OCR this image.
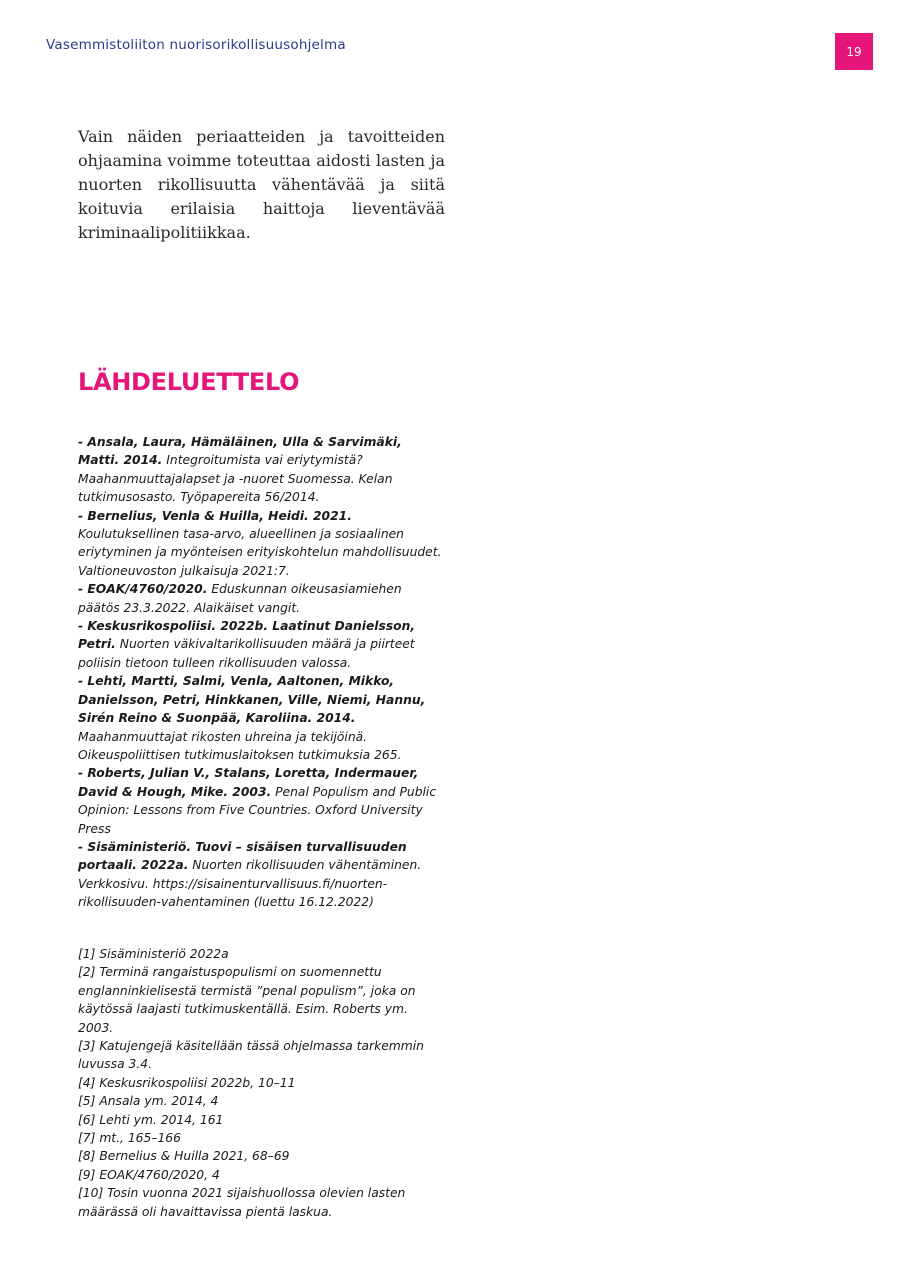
Vasemmistoliiton nuorisorikollisuusohjelma	19

Vain näiden periaatteiden ja tavoitteiden ohjaamina voimme toteuttaa aidosti lasten ja nuorten rikollisuutta vähentävää ja siitä koituvia erilaisia haittoja lieventävää kriminaalipolitiikkaa.

LÄHDELUETTELO

- Ansala, Laura, Hämäläinen, Ulla & Sarvimäki, Matti. 2014. Integroitumista vai eriytymistä? Maahanmuuttajalapset ja -nuoret Suomessa. Kelan tutkimusosasto. Työpapereita 56/2014.

- Bernelius, Venla & Huilla, Heidi. 2021. Koulutuksellinen tasa-arvo, alueellinen ja sosiaalinen eriytyminen ja myönteisen erityiskohtelun mahdollisuudet. Valtioneuvoston julkaisuja 2021:7.

- EOAK/4760/2020. Eduskunnan oikeusasiamiehen päätös 23.3.2022. Alaikäiset vangit.

- Keskusrikospoliisi. 2022b. Laatinut Danielsson, Petri. Nuorten väkivaltarikollisuuden määrä ja piirteet poliisin tietoon tulleen rikollisuuden valossa.

- Lehti, Martti, Salmi, Venla, Aaltonen, Mikko, Danielsson, Petri, Hinkkanen, Ville, Niemi, Hannu, Sirén Reino & Suonpää, Karoliina. 2014. Maahanmuuttajat rikosten uhreina ja tekijöinä. Oikeuspoliittisen tutkimuslaitoksen tutkimuksia 265.

- Roberts, Julian V., Stalans, Loretta, Indermauer, David & Hough, Mike. 2003. Penal Populism and Public Opinion: Lessons from Five Countries. Oxford University Press

- Sisäministeriö. Tuovi – sisäisen turvallisuuden portaali. 2022a. Nuorten rikollisuuden vähentäminen. Verkkosivu. https://sisainenturvallisuus.fi/nuorten-rikollisuuden-vahentaminen (luettu 16.12.2022)

[1] Sisäministeriö 2022a

[2] Terminä rangaistuspopulismi on suomennettu englanninkielisestä termistä ”penal populism”, joka on käytössä laajasti tutkimuskentällä. Esim. Roberts ym. 2003.

[3] Katujengejä käsitellään tässä ohjelmassa tarkemmin luvussa 3.4.

[4] Keskusrikospoliisi 2022b, 10–11

[5] Ansala ym. 2014, 4

[6] Lehti ym. 2014, 161

[7] mt., 165–166

[8] Bernelius & Huilla 2021, 68–69

[9] EOAK/4760/2020, 4

[10] Tosin vuonna 2021 sijaishuollossa olevien lasten määrässä oli havaittavissa pientä laskua.
